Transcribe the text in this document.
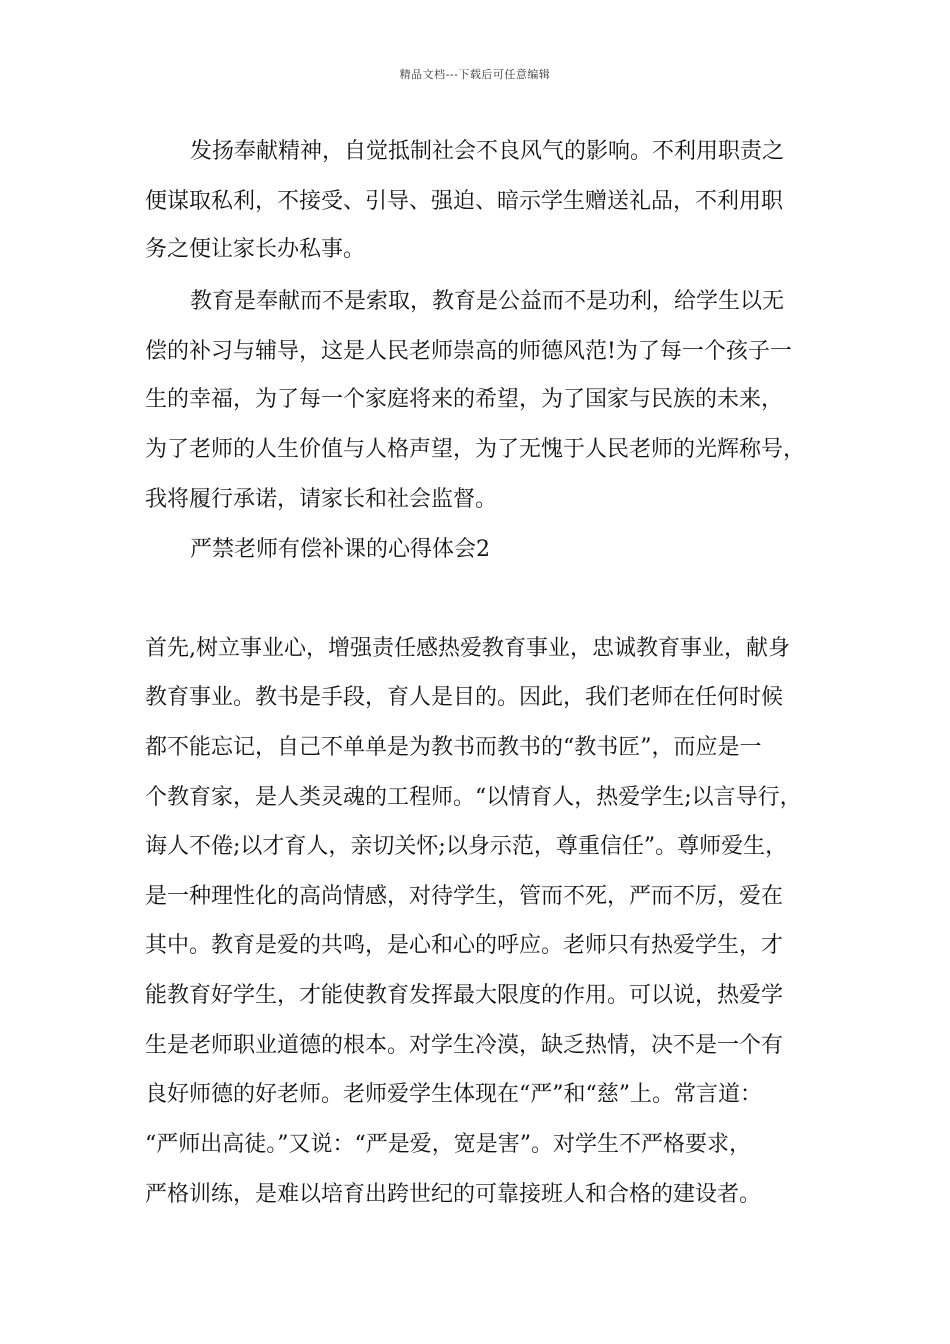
精品文档---下载后可任意编辑
发扬奉献精神，自觉抵制社会不良风气的影响。不利用职责之
便谋取私利，不接受、引导、强迫、暗示学生赠送礼品，不利用职
务之便让家长办私事。
教育是奉献而不是索取，教育是公益而不是功利，给学生以无
偿的补习与辅导，这是人民老师崇高的师德风范!为了每一个孩子一
生的幸福，为了每一个家庭将来的希望，为了国家与民族的未来，
为了老师的人生价值与人格声望，为了无愧于人民老师的光辉称号，
我将履行承诺，请家长和社会监督。
严禁老师有偿补课的心得体会2
首先,树立事业心，增强责任感热爱教育事业，忠诚教育事业，献身
教育事业。教书是手段，育人是目的。因此，我们老师在任何时候
都不能忘记，自己不单单是为教书而教书的“教书匠”，而应是一
个教育家，是人类灵魂的工程师。“以情育人，热爱学生;以言导行，
诲人不倦;以才育人，亲切关怀;以身示范，尊重信任”。尊师爱生，
是一种理性化的高尚情感，对待学生，管而不死，严而不厉，爱在
其中。教育是爱的共鸣，是心和心的呼应。老师只有热爱学生，才
能教育好学生，才能使教育发挥最大限度的作用。可以说，热爱学
生是老师职业道德的根本。对学生冷漠，缺乏热情，决不是一个有
良好师德的好老师。老师爱学生体现在“严”和“慈”上。常言道：
“严师出高徒。”又说：“严是爱，宽是害”。对学生不严格要求，
严格训练，是难以培育出跨世纪的可靠接班人和合格的建设者。
